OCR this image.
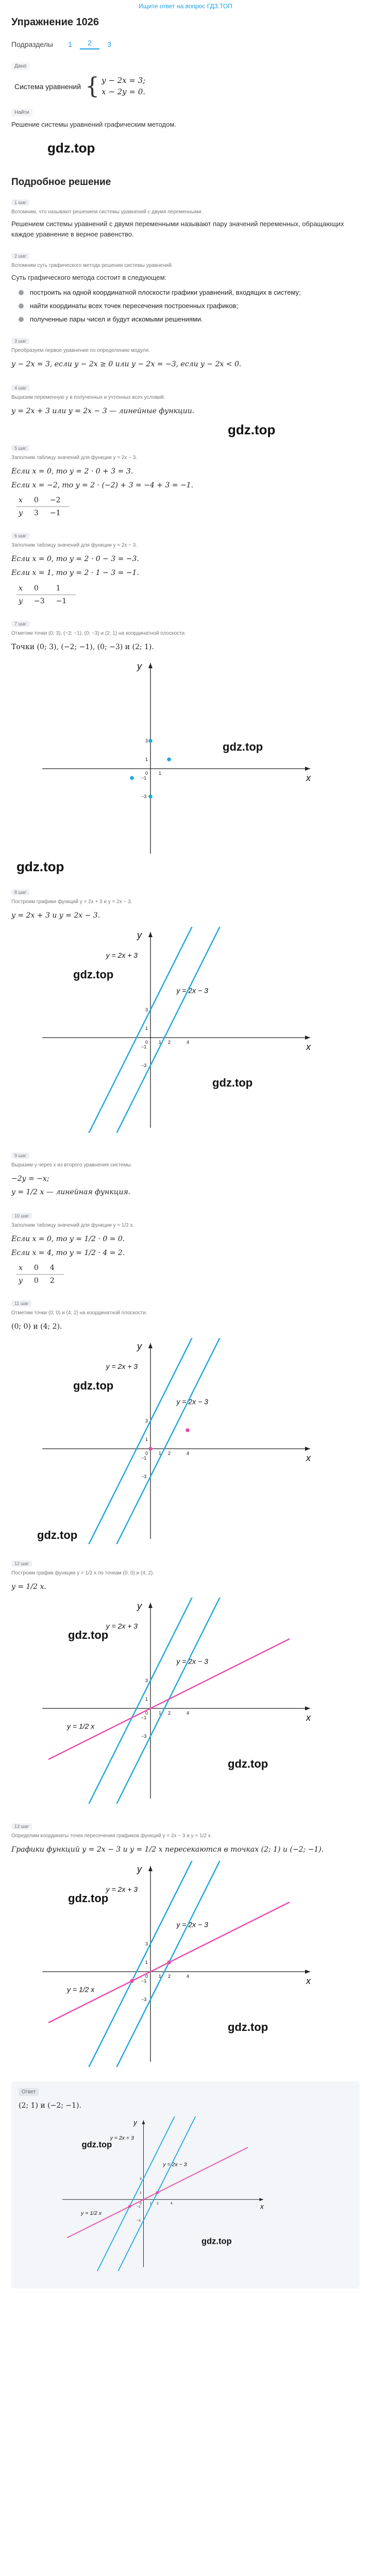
Ищите ответ на вопрос ГДЗ.ТОП
Упражнение 1026
Подразделы	1	2	3
Дано
Система уравнений { y − 2x = 3;
x − 2y = 0.
Найти
Решение системы уравнений графическим методом.
gdz.top
Подробное решение
1 шаг
Вспомним, что называют решением системы уравнений с двумя переменными.
Решением системы уравнений с двумя переменными называют пару значений переменных, обращающих каждое уравнение в верное равенство.
2 шаг
Вспомним суть графического метода решения системы уравнений.
Суть графического метода состоит в следующем:
построить на одной координатной плоскости графики уравнений, входящих в систему;
найти координаты всех точек пересечения построенных графиков;
полученные пары чисел и будут искомыми решениями.
3 шаг
Преобразуем первое уравнение по определению модуля.
y − 2x = 3, если y − 2x ≥ 0 или y − 2x = −3, если y − 2x < 0.
4 шаг
Выразим переменную y в полученных и учтенных всех условий.
y = 2x + 3 или y = 2x − 3 — линейные функции.
gdz.top
5 шаг
Заполним таблицу значений для функции y = 2x − 3.
Если x = 0, то y = 2 · 0 + 3 = 3.
Если x = −2, то y = 2 · (−2) + 3 = −4 + 3 = −1.
x	0	−2
y	3	−1
6 шаг
Заполним таблицу значений для функции y = 2x − 3.
Если x = 0, то y = 2 · 0 − 3 = −3.
Если x = 1, то y = 2 · 1 − 3 = −1.
x	0	1
y	−3	−1
7 шаг
Отметим точки (0; 3), (−2; −1), (0; −3) и (2; 1) на координатной плоскости.
Точки (0; 3), (−2; −1), (0; −3) и (2; 1).
x
y
0 1
1
3
−3
−1
gdz.top
gdz.top
8 шаг
Построим графики функций y = 2x + 3 и y = 2x − 3.
y = 2x + 3 и y = 2x − 3.
x
y
0 1
1
2	4
3
−3
−1
y = 2x + 3
y = 2x − 3
gdz.top
gdz.top
9 шаг
Выразим y через x из второго уравнения системы.
−2y = −x;
y = 1/2 x — линейная функция.
10 шаг
Заполним таблицу значений для функции y = 1/2 x.
Если x = 0, то y = 1/2 · 0 = 0.
Если x = 4, то y = 1/2 · 4 = 2.
x	0	4
y	0	2
11 шаг
Отметим точки (0; 0) и (4; 2) на координатной плоскости.
(0; 0) и (4; 2).
x
y
0 1
1
2	4
3
−3
−1
y = 2x + 3
y = 2x − 3
gdz.top
gdz.top
12 шаг
Построим график функции y = 1/2 x по точкам (0; 0) и (4; 2).
y = 1/2 x.
x
y
0 1
1
2	4
3
−3
−1
y = 2x + 3
y = 2x − 3
y = 1/2 x
gdz.top
gdz.top
13 шаг
Определим координаты точек пересечения графиков функций y = 2x − 3 и y = 1/2 x.
Графики функций y = 2x − 3 и y = 1/2 x пересекаются в точках (2; 1) и (−2; −1).
x
y
0 1
1
2	4
3
−3
−1
y = 2x + 3
y = 2x − 3
y = 1/2 x
gdz.top
gdz.top
Ответ
(2; 1) и (−2; −1).
x
y
0 1
1
2	4
3
−3
−1
y = 2x + 3
y = 2x − 3
y = 1/2 x
gdz.top
gdz.top
